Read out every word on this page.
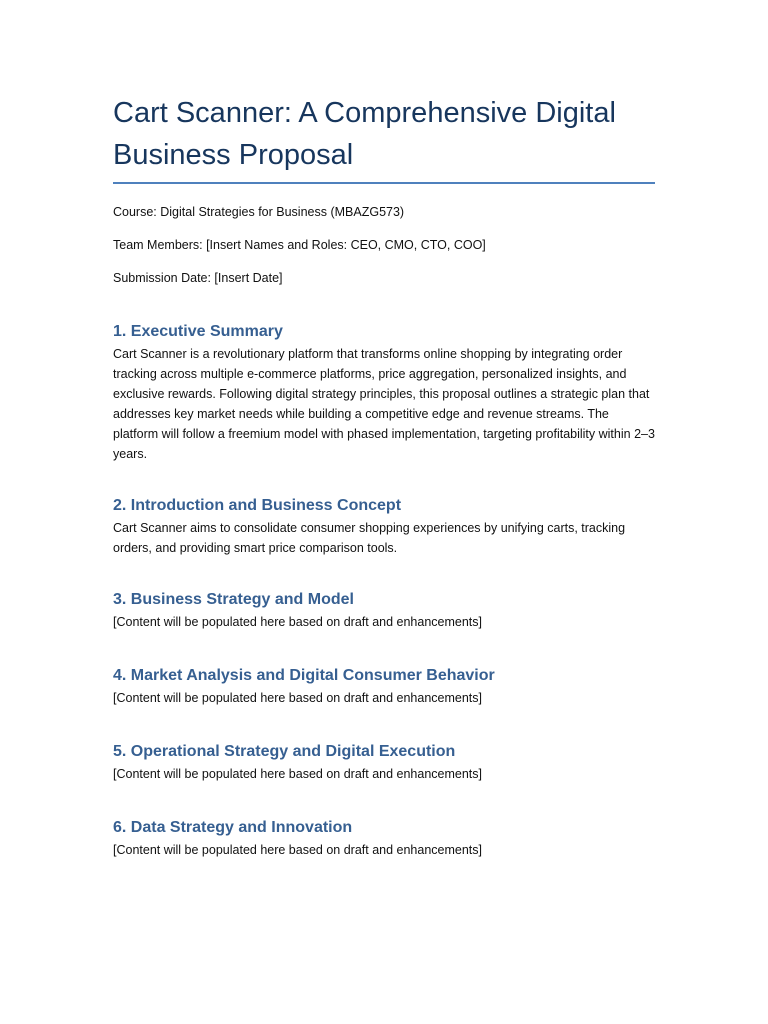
Cart Scanner: A Comprehensive Digital Business Proposal

Course: Digital Strategies for Business (MBAZG573)

Team Members: [Insert Names and Roles: CEO, CMO, CTO, COO]

Submission Date: [Insert Date]

1. Executive Summary

Cart Scanner is a revolutionary platform that transforms online shopping by integrating order tracking across multiple e-commerce platforms, price aggregation, personalized insights, and exclusive rewards. Following digital strategy principles, this proposal outlines a strategic plan that addresses key market needs while building a competitive edge and revenue streams. The platform will follow a freemium model with phased implementation, targeting profitability within 2–3 years.

2. Introduction and Business Concept

Cart Scanner aims to consolidate consumer shopping experiences by unifying carts, tracking orders, and providing smart price comparison tools.

3. Business Strategy and Model

[Content will be populated here based on draft and enhancements]

4. Market Analysis and Digital Consumer Behavior

[Content will be populated here based on draft and enhancements]

5. Operational Strategy and Digital Execution

[Content will be populated here based on draft and enhancements]

6. Data Strategy and Innovation

[Content will be populated here based on draft and enhancements]
